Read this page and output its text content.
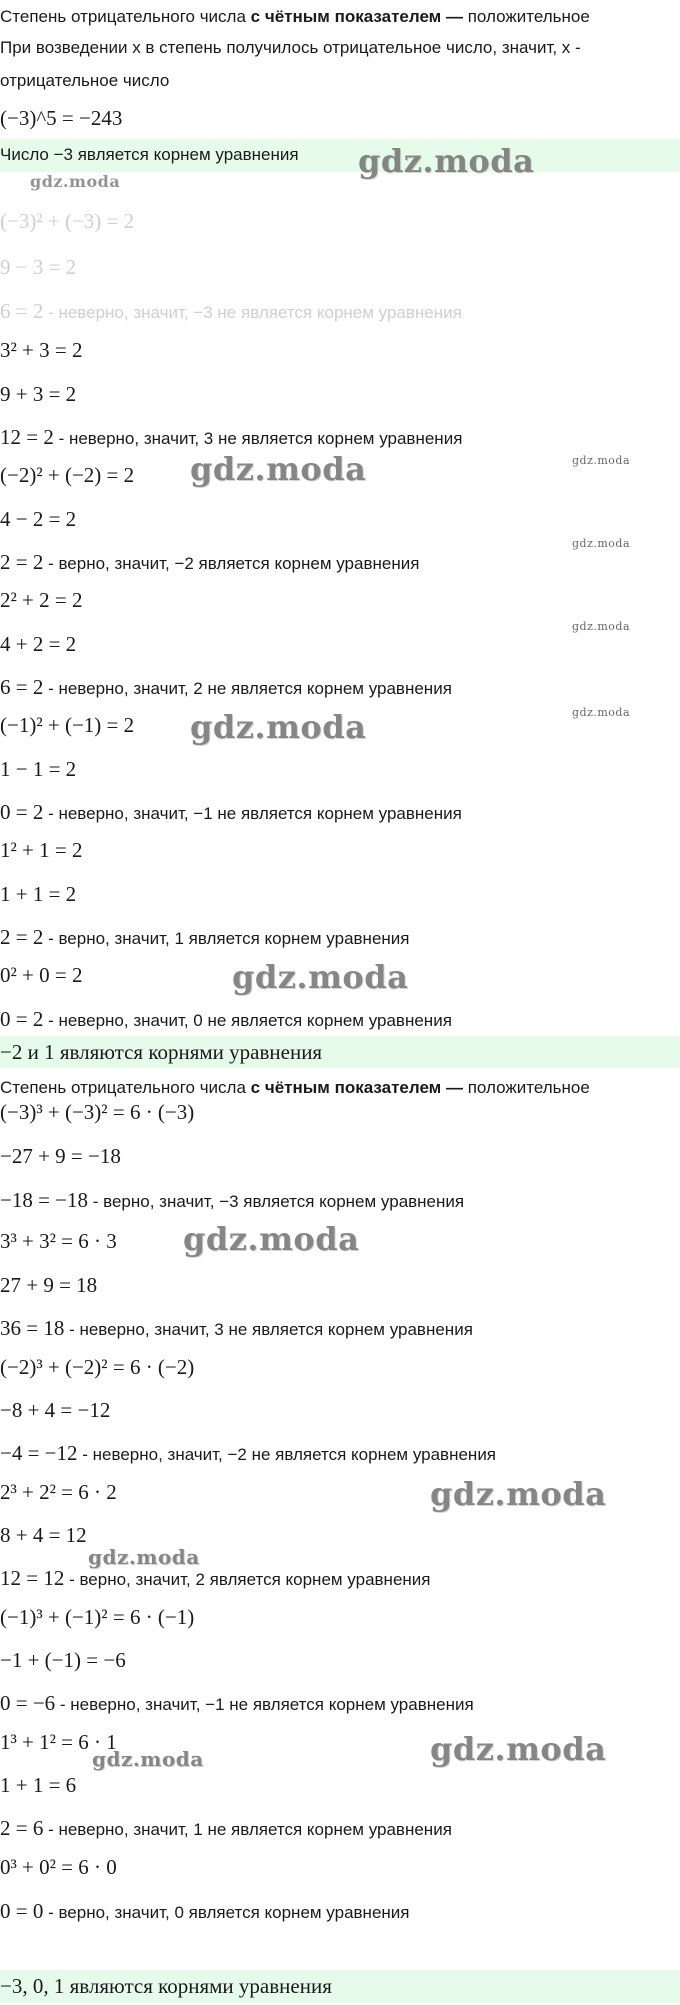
Степень отрицательного числа с чётным показателем — положительное
При возведении x в степень получилось отрицательное число, значит, x -
отрицательное число
(−3)^5 = −243
Число −3 является корнем уравнения
(−3)² + (−3) = 2
9 − 3 = 2
6 = 2 - неверно, значит, −3 не является корнем уравнения
3² + 3 = 2
9 + 3 = 2
12 = 2 - неверно, значит, 3 не является корнем уравнения
(−2)² + (−2) = 2
4 − 2 = 2
2 = 2 - верно, значит, −2 является корнем уравнения
2² + 2 = 2
4 + 2 = 2
6 = 2 - неверно, значит, 2 не является корнем уравнения
(−1)² + (−1) = 2
1 − 1 = 2
0 = 2 - неверно, значит, −1 не является корнем уравнения
1² + 1 = 2
1 + 1 = 2
2 = 2 - верно, значит, 1 является корнем уравнения
0² + 0 = 2
0 = 2 - неверно, значит, 0 не является корнем уравнения
−2 и 1 являются корнями уравнения
Степень отрицательного числа с чётным показателем — положительное
(−3)³ + (−3)² = 6 · (−3)
−27 + 9 = −18
−18 = −18 - верно, значит, −3 является корнем уравнения
3³ + 3² = 6 · 3
27 + 9 = 18
36 = 18 - неверно, значит, 3 не является корнем уравнения
(−2)³ + (−2)² = 6 · (−2)
−8 + 4 = −12
−4 = −12 - неверно, значит, −2 не является корнем уравнения
2³ + 2² = 6 · 2
8 + 4 = 12
12 = 12 - верно, значит, 2 является корнем уравнения
(−1)³ + (−1)² = 6 · (−1)
−1 + (−1) = −6
0 = −6 - неверно, значит, −1 не является корнем уравнения
1³ + 1² = 6 · 1
1 + 1 = 6
2 = 6 - неверно, значит, 1 не является корнем уравнения
0³ + 0² = 6 · 0
0 = 0 - верно, значит, 0 является корнем уравнения
−3, 0, 1 являются корнями уравнения
gdz.moda
gdz.moda
gdz.moda	gdz.moda
gdz.moda
gdz.moda
gdz.moda	gdz.moda
gdz.moda
gdz.moda
gdz.moda
gdz.moda
gdz.moda
gdz.moda
